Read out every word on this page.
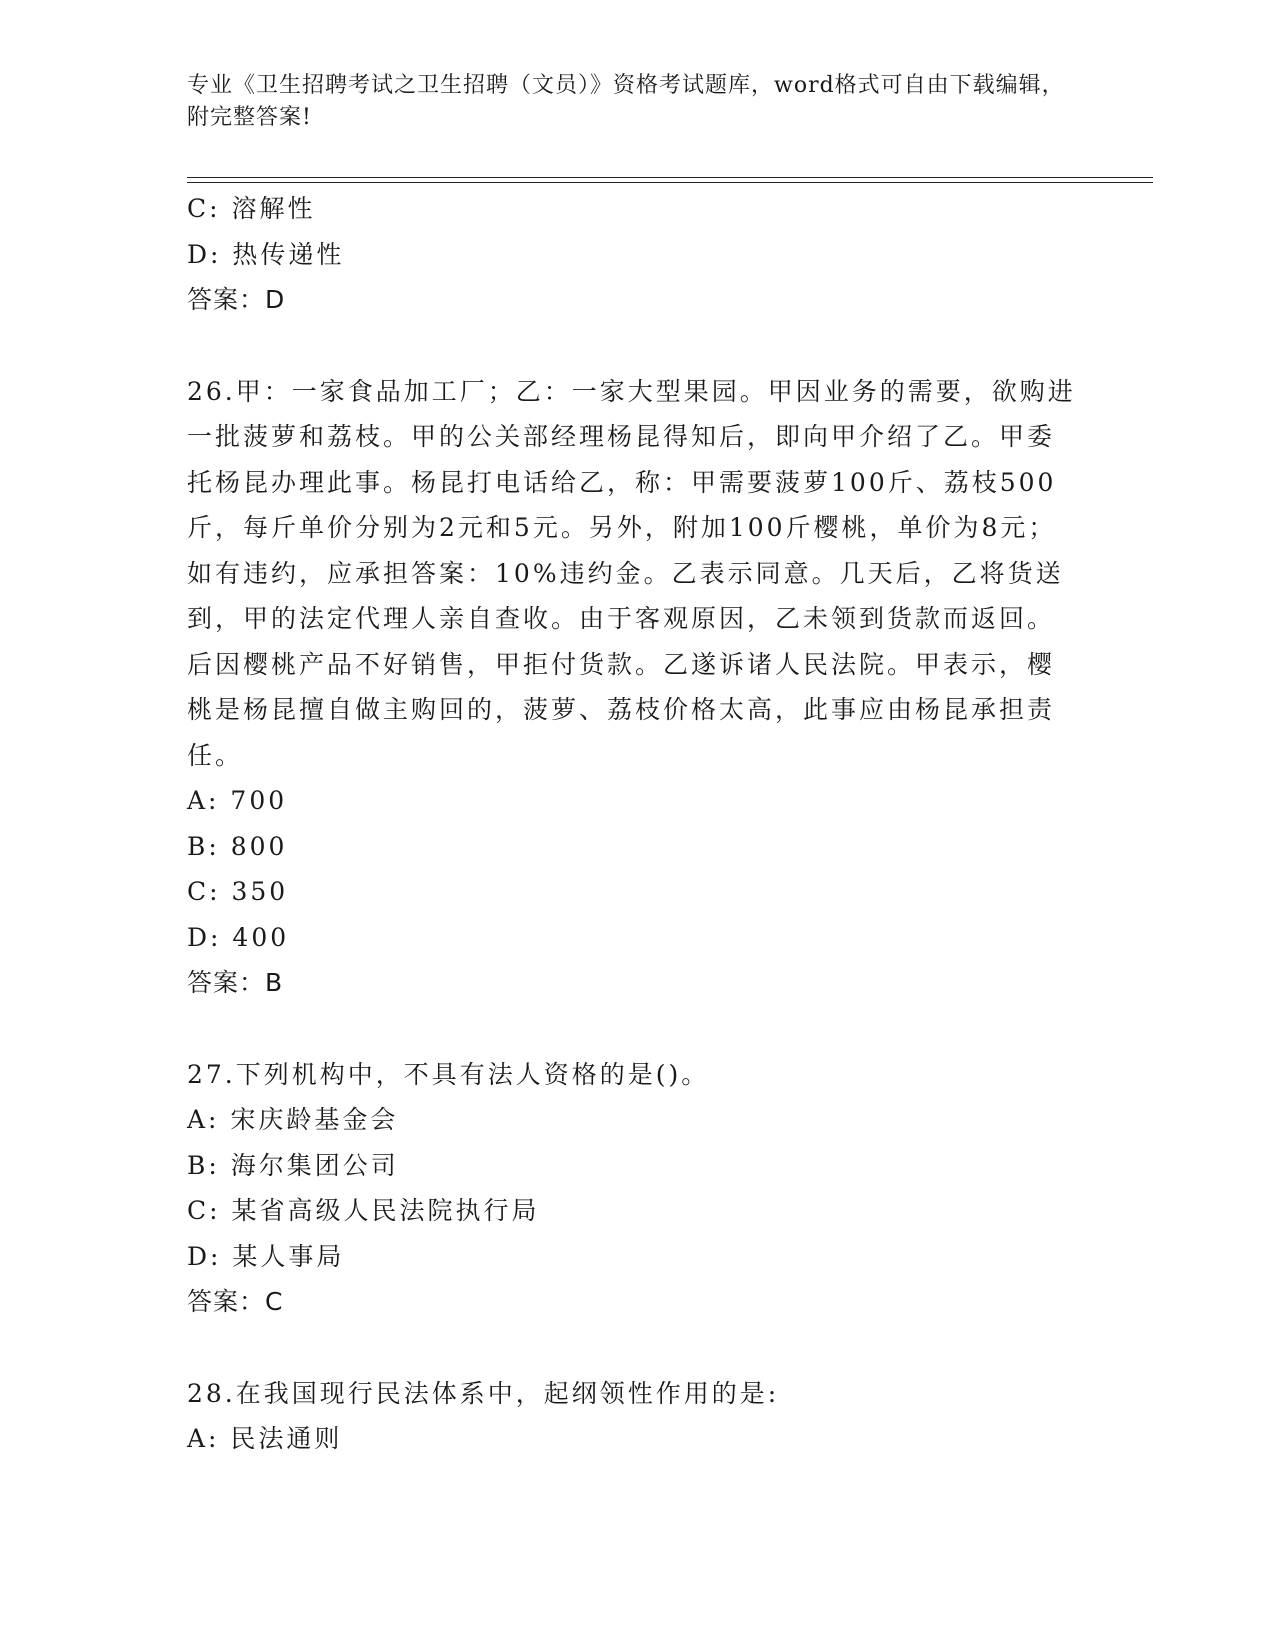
专业《卫生招聘考试之卫生招聘（文员）》资格考试题库，word格式可自由下载编辑，附完整答案!
C: 溶解性
D: 热传递性
答案：D
26.甲：一家食品加工厂；乙：一家大型果园。甲因业务的需要，欲购进一批菠萝和荔枝。甲的公关部经理杨昆得知后，即向甲介绍了乙。甲委托杨昆办理此事。杨昆打电话给乙，称：甲需要菠萝100斤、荔枝500斤，每斤单价分别为2元和5元。另外，附加100斤樱桃，单价为8元；如有违约，应承担答案：10%违约金。乙表示同意。几天后，乙将货送到，甲的法定代理人亲自查收。由于客观原因，乙未领到货款而返回。后因樱桃产品不好销售，甲拒付货款。乙遂诉诸人民法院。甲表示，樱桃是杨昆擅自做主购回的，菠萝、荔枝价格太高，此事应由杨昆承担责任。
A: 700
B: 800
C: 350
D: 400
答案：B
27.下列机构中，不具有法人资格的是()。
A: 宋庆龄基金会
B: 海尔集团公司
C: 某省高级人民法院执行局
D: 某人事局
答案：C
28.在我国现行民法体系中，起纲领性作用的是:
A: 民法通则
